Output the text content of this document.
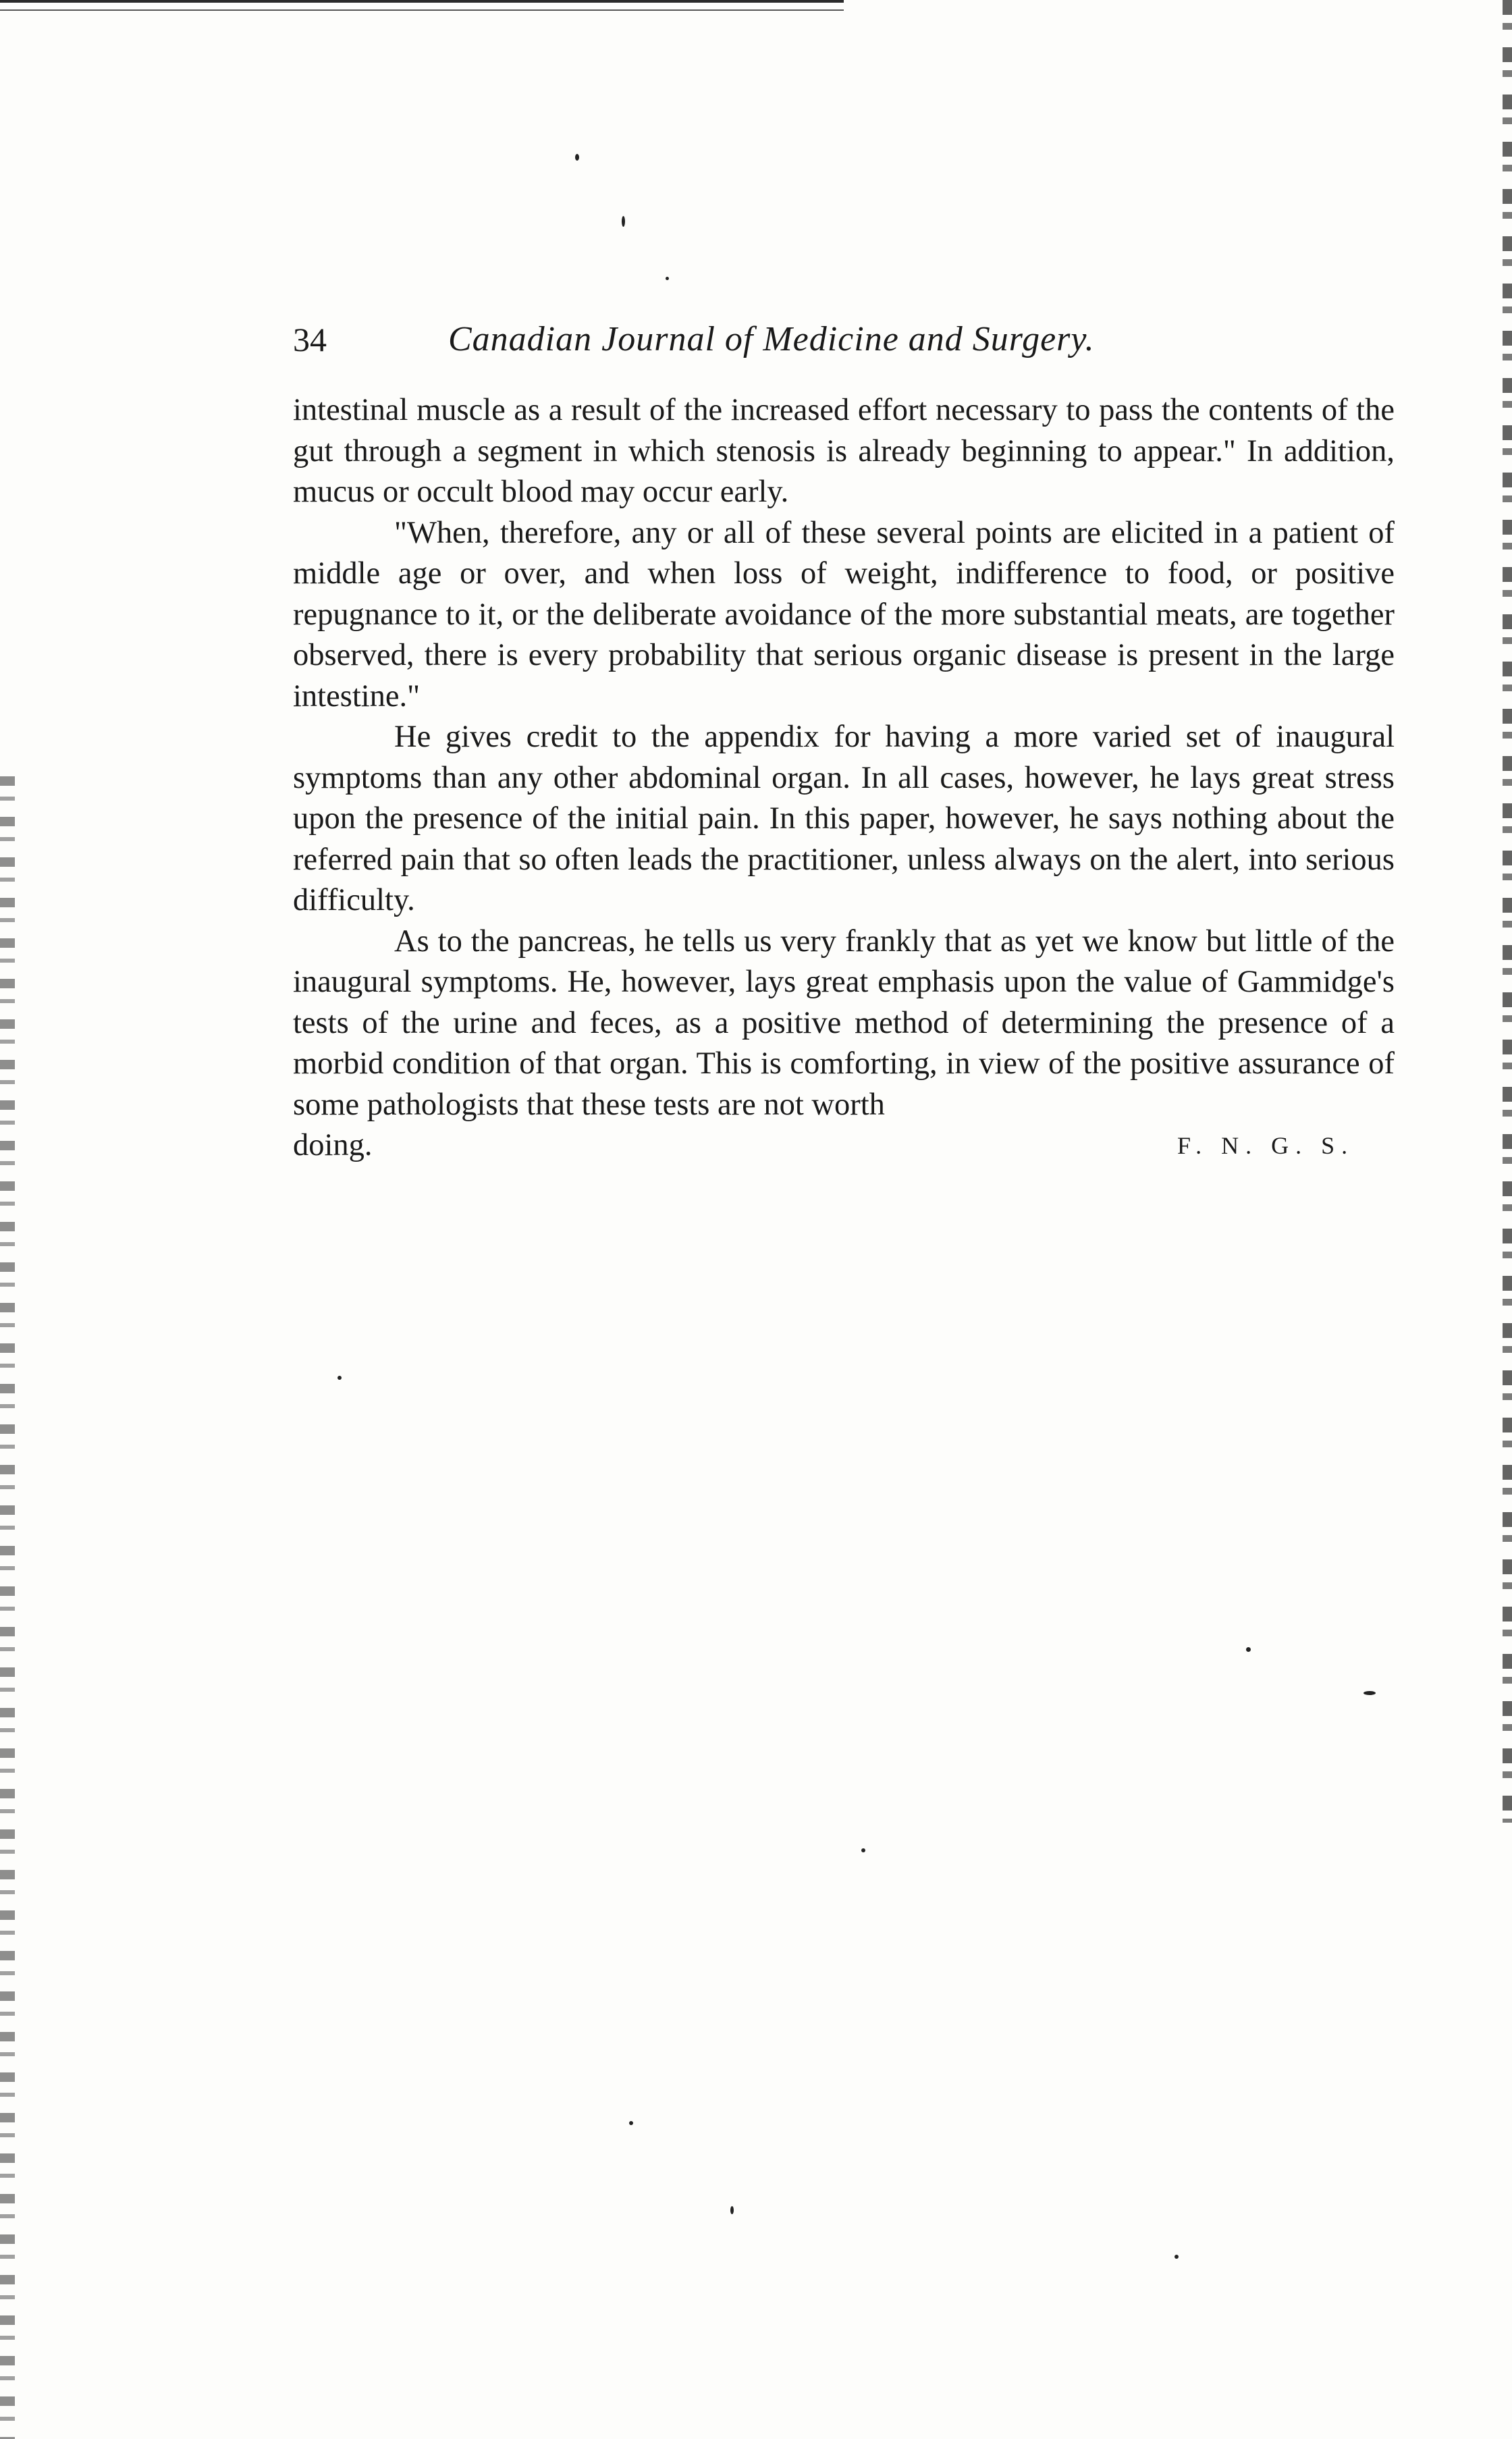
34	Canadian Journal of Medicine and Surgery.

intestinal muscle as a result of the increased effort necessary to pass the contents of the gut through a segment in which stenosis is already beginning to appear." In addition, mucus or occult blood may occur early.

"When, therefore, any or all of these several points are elicited in a patient of middle age or over, and when loss of weight, indifference to food, or positive repugnance to it, or the deliberate avoidance of the more substantial meats, are together observed, there is every probability that serious organic disease is present in the large intestine."

He gives credit to the appendix for having a more varied set of inaugural symptoms than any other abdominal organ. In all cases, however, he lays great stress upon the presence of the initial pain. In this paper, however, he says nothing about the referred pain that so often leads the practitioner, unless always on the alert, into serious difficulty.

As to the pancreas, he tells us very frankly that as yet we know but little of the inaugural symptoms. He, however, lays great emphasis upon the value of Gammidge's tests of the urine and feces, as a positive method of determining the presence of a morbid condition of that organ. This is comforting, in view of the positive assurance of some pathologists that these tests are not worth

doing.	F. N. G. S.
